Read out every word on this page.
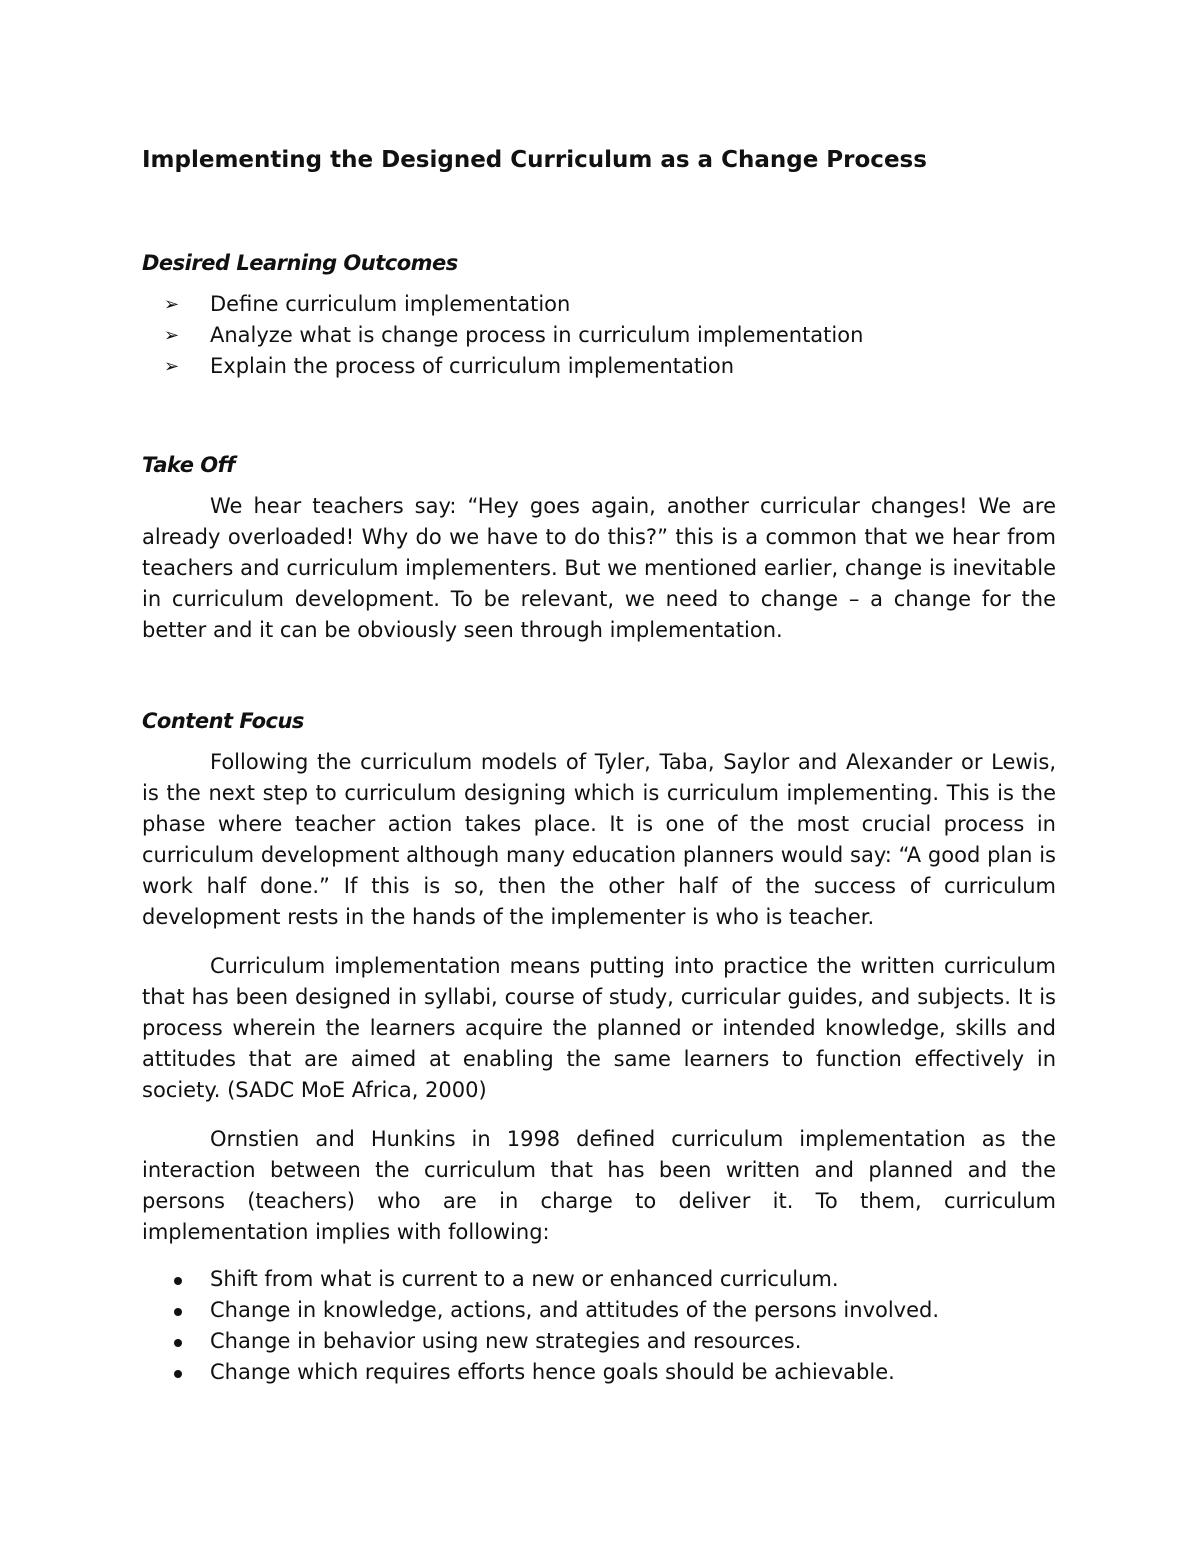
Implementing the Designed Curriculum as a Change Process
Desired Learning Outcomes
➢ Define curriculum implementation
➢ Analyze what is change process in curriculum implementation
➢ Explain the process of curriculum implementation
Take Off

We hear teachers say: “Hey goes again, another curricular changes! We are already overloaded! Why do we have to do this?” this is a common that we hear from teachers and curriculum implementers. But we mentioned earlier, change is inevitable in curriculum development. To be relevant, we need to change – a change for the better and it can be obviously seen through implementation.

Content Focus

Following the curriculum models of Tyler, Taba, Saylor and Alexander or Lewis, is the next step to curriculum designing which is curriculum implementing. This is the phase where teacher action takes place. It is one of the most crucial process in curriculum development although many education planners would say: “A good plan is work half done.” If this is so, then the other half of the success of curriculum development rests in the hands of the implementer is who is teacher.

Curriculum implementation means putting into practice the written curriculum that has been designed in syllabi, course of study, curricular guides, and subjects. It is process wherein the learners acquire the planned or intended knowledge, skills and attitudes that are aimed at enabling the same learners to function effectively in society. (SADC MoE Africa, 2000)

Ornstien and Hunkins in 1998 defined curriculum implementation as the interaction between the curriculum that has been written and planned and the persons (teachers) who are in charge to deliver it. To them, curriculum implementation implies with following:

Shift from what is current to a new or enhanced curriculum.
Change in knowledge, actions, and attitudes of the persons involved.
Change in behavior using new strategies and resources.
Change which requires efforts hence goals should be achievable.
